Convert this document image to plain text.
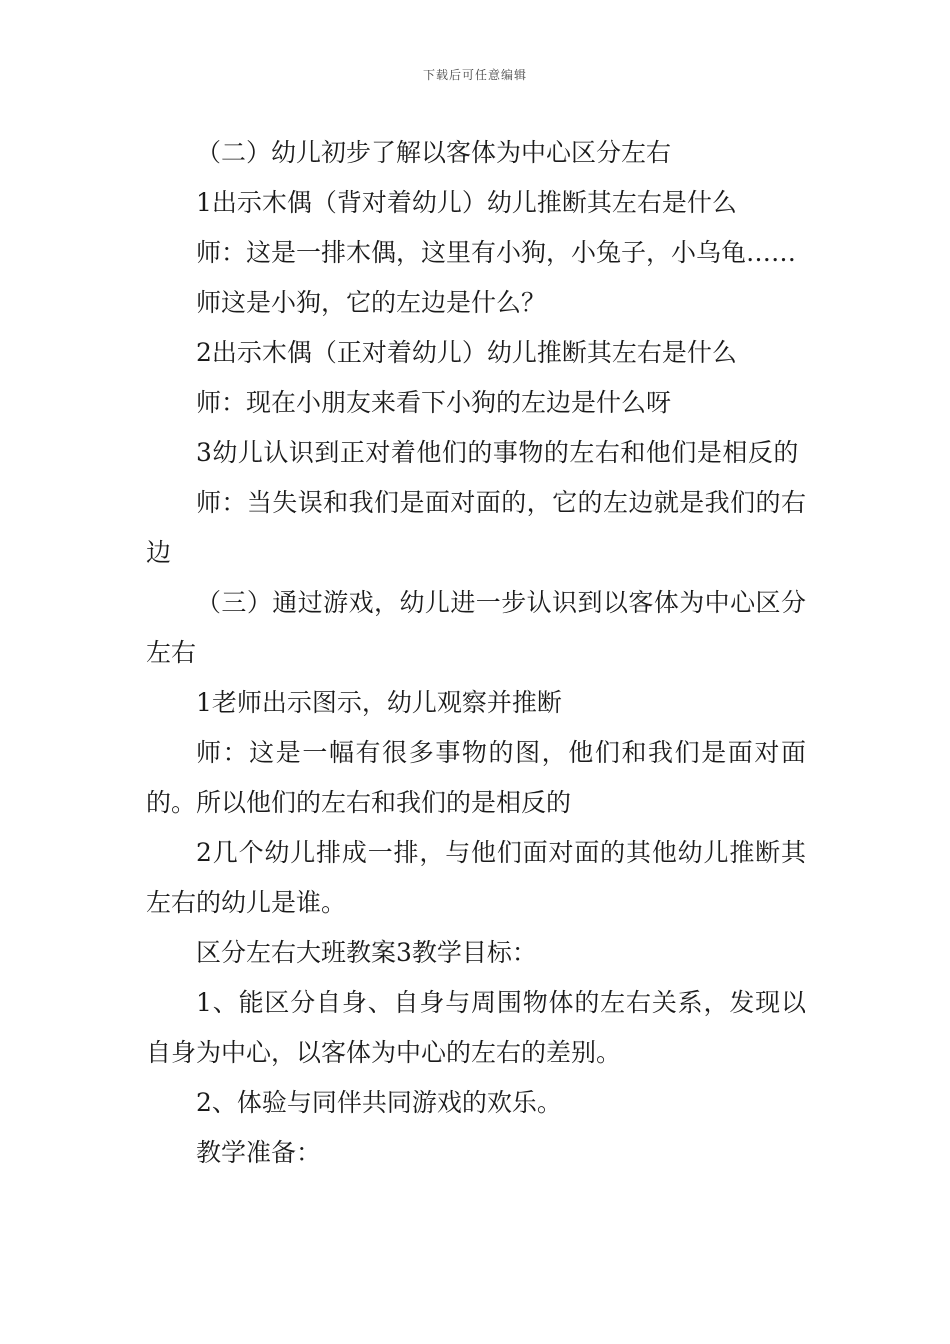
下载后可任意编辑

（二）幼儿初步了解以客体为中心区分左右

1出示木偶（背对着幼儿）幼儿推断其左右是什么

师：这是一排木偶，这里有小狗，小兔子，小乌龟……

师这是小狗，它的左边是什么？

2出示木偶（正对着幼儿）幼儿推断其左右是什么

师：现在小朋友来看下小狗的左边是什么呀

3幼儿认识到正对着他们的事物的左右和他们是相反的

师：当失误和我们是面对面的，它的左边就是我们的右边

（三）通过游戏，幼儿进一步认识到以客体为中心区分左右

1老师出示图示，幼儿观察并推断

师：这是一幅有很多事物的图，他们和我们是面对面的。所以他们的左右和我们的是相反的

2几个幼儿排成一排，与他们面对面的其他幼儿推断其左右的幼儿是谁。

区分左右大班教案3教学目标：

1、能区分自身、自身与周围物体的左右关系，发现以自身为中心，以客体为中心的左右的差别。

2、体验与同伴共同游戏的欢乐。

教学准备：
